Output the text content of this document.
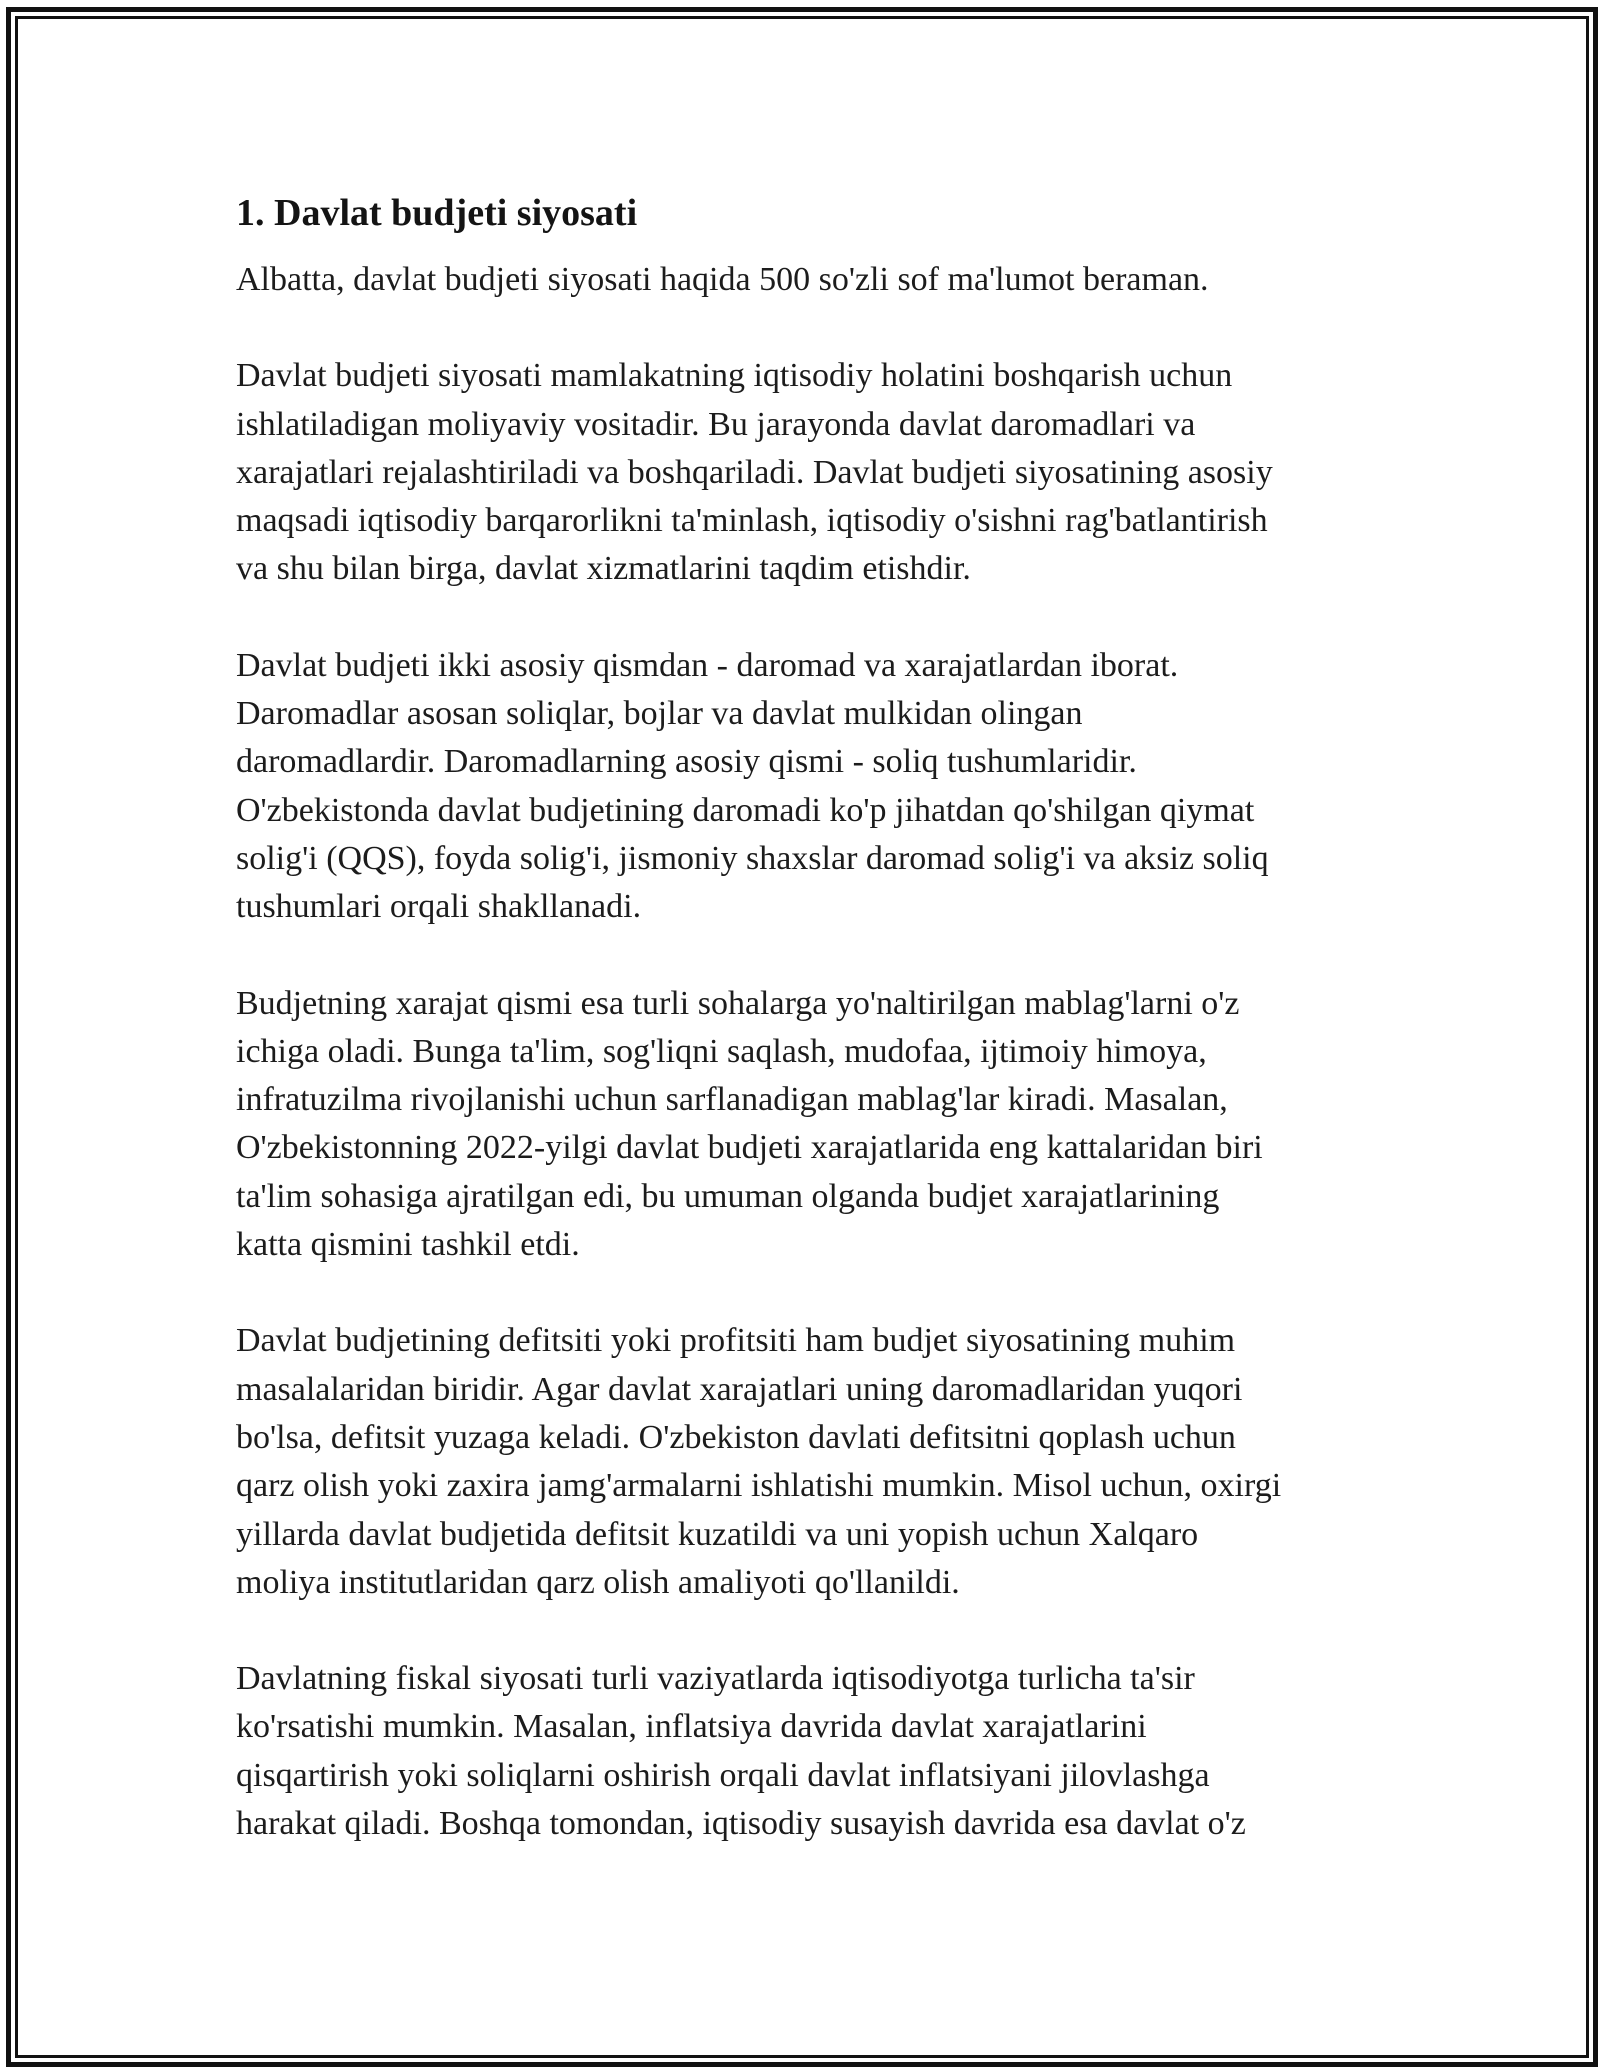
1. Davlat budjeti siyosati

Albatta, davlat budjeti siyosati haqida 500 so'zli sof ma'lumot beraman.

Davlat budjeti siyosati mamlakatning iqtisodiy holatini boshqarish uchun
ishlatiladigan moliyaviy vositadir. Bu jarayonda davlat daromadlari va
xarajatlari rejalashtiriladi va boshqariladi. Davlat budjeti siyosatining asosiy
maqsadi iqtisodiy barqarorlikni ta'minlash, iqtisodiy o'sishni rag'batlantirish
va shu bilan birga, davlat xizmatlarini taqdim etishdir.

Davlat budjeti ikki asosiy qismdan - daromad va xarajatlardan iborat.
Daromadlar asosan soliqlar, bojlar va davlat mulkidan olingan
daromadlardir. Daromadlarning asosiy qismi - soliq tushumlaridir.
O'zbekistonda davlat budjetining daromadi ko'p jihatdan qo'shilgan qiymat
solig'i (QQS), foyda solig'i, jismoniy shaxslar daromad solig'i va aksiz soliq
tushumlari orqali shakllanadi.

Budjetning xarajat qismi esa turli sohalarga yo'naltirilgan mablag'larni o'z
ichiga oladi. Bunga ta'lim, sog'liqni saqlash, mudofaa, ijtimoiy himoya,
infratuzilma rivojlanishi uchun sarflanadigan mablag'lar kiradi. Masalan,
O'zbekistonning 2022-yilgi davlat budjeti xarajatlarida eng kattalaridan biri
ta'lim sohasiga ajratilgan edi, bu umuman olganda budjet xarajatlarining
katta qismini tashkil etdi.

Davlat budjetining defitsiti yoki profitsiti ham budjet siyosatining muhim
masalalaridan biridir. Agar davlat xarajatlari uning daromadlaridan yuqori
bo'lsa, defitsit yuzaga keladi. O'zbekiston davlati defitsitni qoplash uchun
qarz olish yoki zaxira jamg'armalarni ishlatishi mumkin. Misol uchun, oxirgi
yillarda davlat budjetida defitsit kuzatildi va uni yopish uchun Xalqaro
moliya institutlaridan qarz olish amaliyoti qo'llanildi.

Davlatning fiskal siyosati turli vaziyatlarda iqtisodiyotga turlicha ta'sir
ko'rsatishi mumkin. Masalan, inflatsiya davrida davlat xarajatlarini
qisqartirish yoki soliqlarni oshirish orqali davlat inflatsiyani jilovlashga
harakat qiladi. Boshqa tomondan, iqtisodiy susayish davrida esa davlat o'z
